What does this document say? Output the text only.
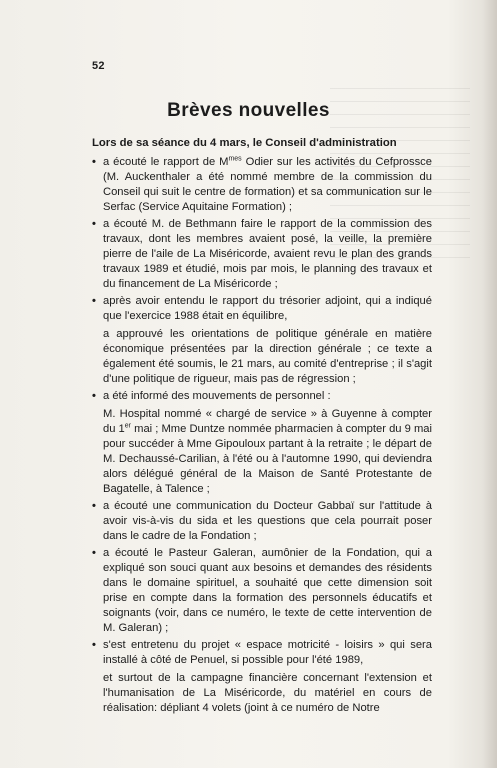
52
Brèves nouvelles
Lors de sa séance du 4 mars, le Conseil d'administration
• a écouté le rapport de $M^{mes}$ Odier sur les activités du Cefprossce (M. Auckenthaler a été nommé membre de la commission du Conseil qui suit le centre de formation) et sa communication sur le Serfac (Service Aquitaine Formation) ;

• a écouté M. de Bethmann faire le rapport de la commission des travaux, dont les membres avaient posé, la veille, la première pierre de l'aile de La Miséricorde, avaient revu le plan des grands travaux 1989 et étudié, mois par mois, le planning des travaux et du financement de La Miséricorde ;

• après avoir entendu le rapport du trésorier adjoint, qui a indiqué que l'exercice 1988 était en équilibre,

a approuvé les orientations de politique générale en matière économique présentées par la direction générale ; ce texte a également été soumis, le 21 mars, au comité d'entreprise ; il s'agit d'une politique de rigueur, mais pas de régression ;

• a été informé des mouvements de personnel :

M. Hospital nommé « chargé de service » à Guyenne à compter du 1er mai ; Mme Duntze nommée pharmacien à compter du 9 mai pour succéder à Mme Gipouloux partant à la retraite ; le départ de M. Dechaussé-Carilian, à l'été ou à l'automne 1990, qui deviendra alors délégué général de la Maison de Santé Protestante de Bagatelle, à Talence ;

• a écouté une communication du Docteur Gabbaï sur l'attitude à avoir vis-à-vis du sida et les questions que cela pourrait poser dans le cadre de la Fondation ;

• a écouté le Pasteur Galeran, aumônier de la Fondation, qui a expliqué son souci quant aux besoins et demandes des résidents dans le domaine spirituel, a souhaité que cette dimension soit prise en compte dans la formation des personnels éducatifs et soignants (voir, dans ce numéro, le texte de cette intervention de M. Galeran) ;

• s'est entretenu du projet « espace motricité - loisirs » qui sera installé à côté de Penuel, si possible pour l'été 1989,

et surtout de la campagne financière concernant l'extension et l'humanisation de La Miséricorde, du matériel en cours de réalisation: dépliant 4 volets (joint à ce numéro de Notre
